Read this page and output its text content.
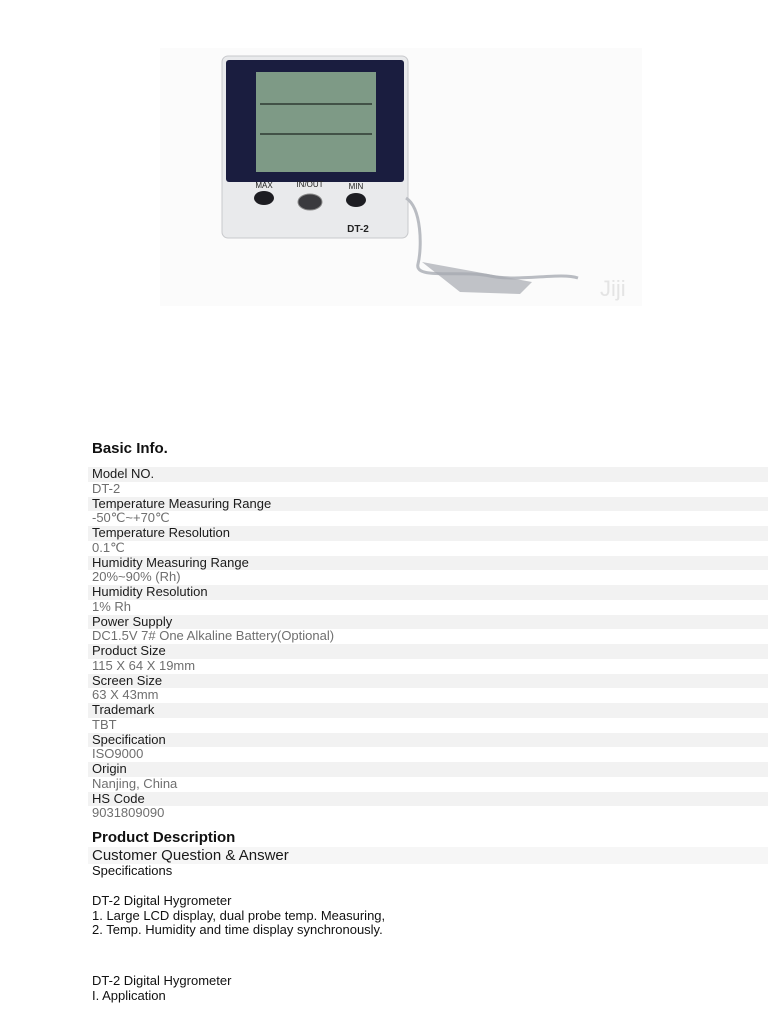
MAX	IN/OUT	MIN
DT-2
Jiji
Basic Info.
Model NO.
DT-2
Temperature Measuring Range
-50℃~+70℃
Temperature Resolution
0.1℃
Humidity Measuring Range
20%~90% (Rh)
Humidity Resolution
1% Rh
Power Supply
DC1.5V 7# One Alkaline Battery(Optional)
Product Size
115 X 64 X 19mm
Screen Size
63 X 43mm
Trademark
TBT
Specification
ISO9000
Origin
Nanjing, China
HS Code
9031809090
Product Description
Customer Question & Answer
Specifications
DT-2 Digital Hygrometer
1. Large LCD display, dual probe temp. Measuring,
2. Temp. Humidity and time display synchronously.
DT-2 Digital Hygrometer
I. Application
